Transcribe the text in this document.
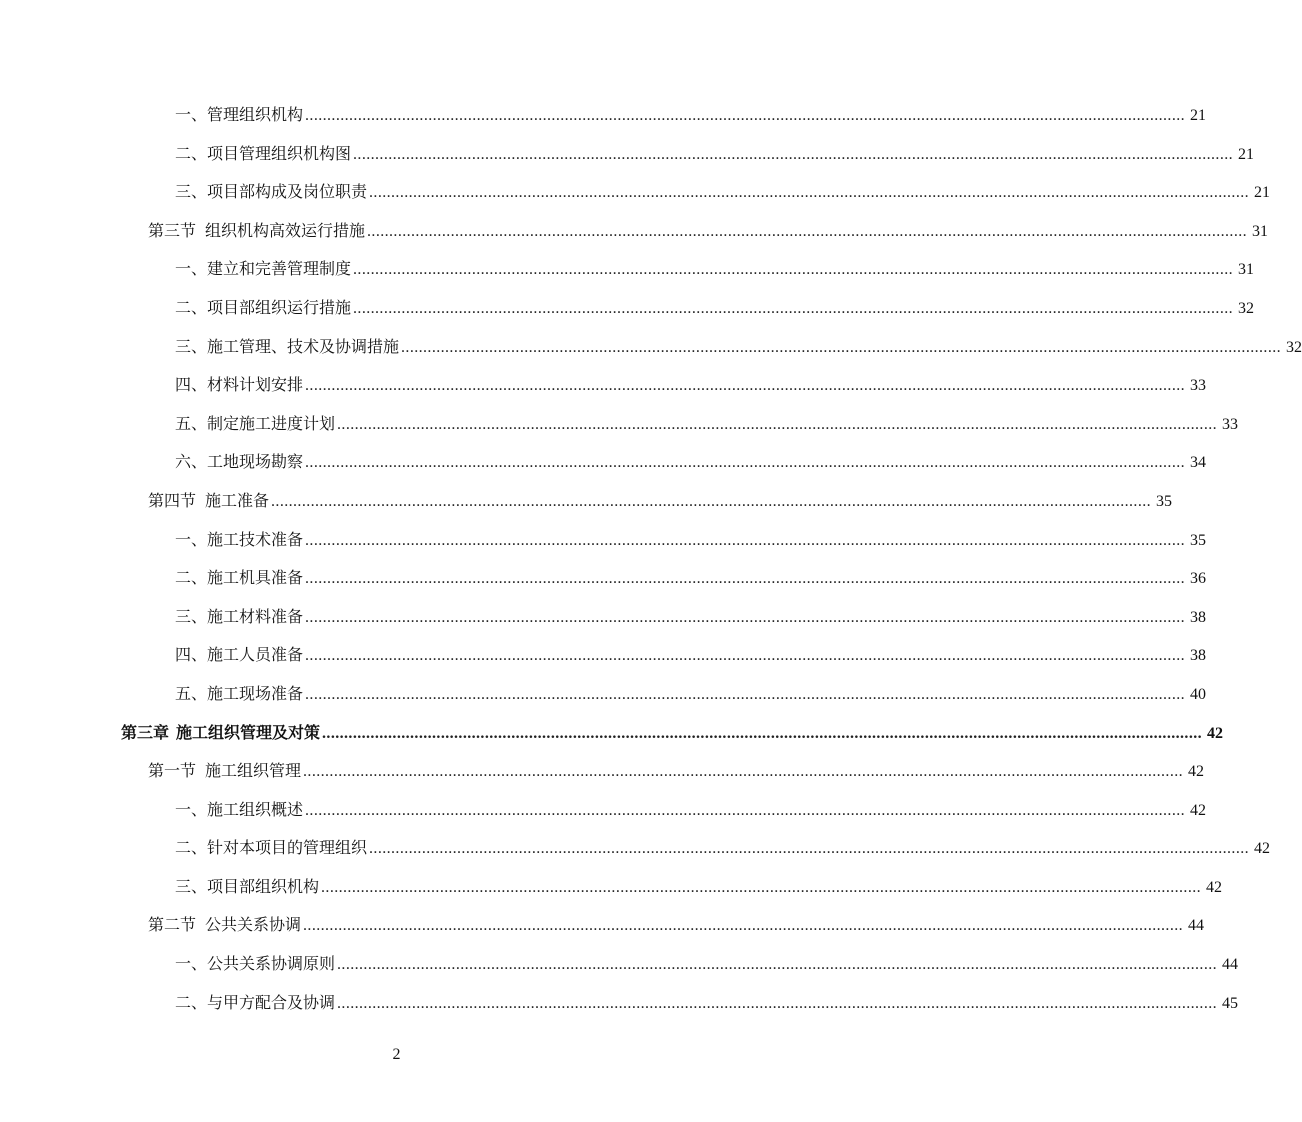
一、 管理组织机构 ........................................................................................................................................................................................................ 21
二、 项目管理组织机构图 ........................................................................................................................................................................................................ 21
三、 项目部构成及岗位职责 ........................................................................................................................................................................................................ 21
第三节 组织机构高效运行措施 ........................................................................................................................................................................................................ 31
一、 建立和完善管理制度 ........................................................................................................................................................................................................ 31
二、 项目部组织运行措施 ........................................................................................................................................................................................................ 32
三、 施工管理、技术及协调措施 ........................................................................................................................................................................................................ 32
四、 材料计划安排 ........................................................................................................................................................................................................ 33
五、 制定施工进度计划 ........................................................................................................................................................................................................ 33
六、 工地现场勘察 ........................................................................................................................................................................................................ 34
第四节 施工准备 ........................................................................................................................................................................................................ 35
一、 施工技术准备 ........................................................................................................................................................................................................ 35
二、 施工机具准备 ........................................................................................................................................................................................................ 36
三、 施工材料准备 ........................................................................................................................................................................................................ 38
四、 施工人员准备 ........................................................................................................................................................................................................ 38
五、 施工现场准备 ........................................................................................................................................................................................................ 40
第三章 施工组织管理及对策 ........................................................................................................................................................................................................ 42
第一节 施工组织管理 ........................................................................................................................................................................................................ 42
一、 施工组织概述 ........................................................................................................................................................................................................ 42
二、 针对本项目的管理组织 ........................................................................................................................................................................................................ 42
三、 项目部组织机构 ........................................................................................................................................................................................................ 42
第二节 公共关系协调 ........................................................................................................................................................................................................ 44
一、 公共关系协调原则 ........................................................................................................................................................................................................ 44
二、 与甲方配合及协调 ........................................................................................................................................................................................................ 45
2
